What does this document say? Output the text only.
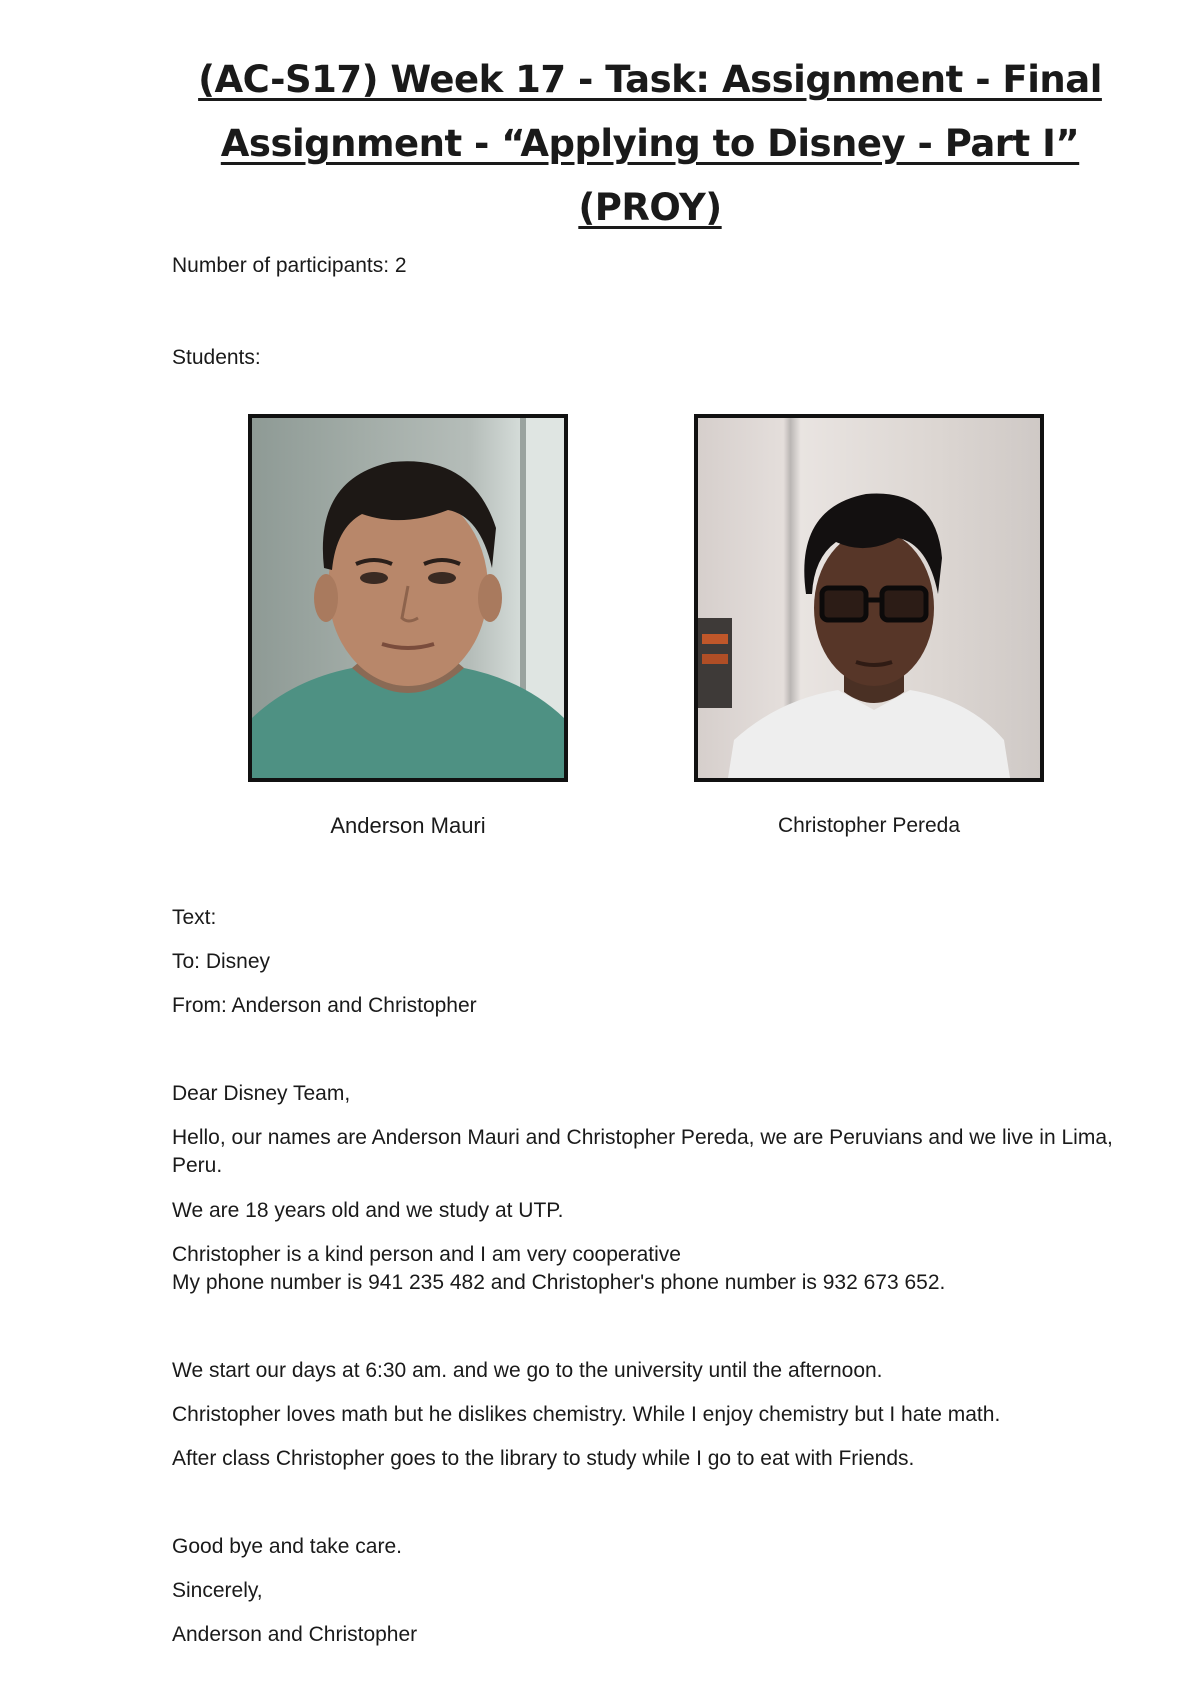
(AC-S17) Week 17 - Task: Assignment - Final
Assignment - “Applying to Disney - Part I”
(PROY)
Number of participants: 2
Students:
Anderson Mauri	Christopher Pereda
Text:
To: Disney
From: Anderson and Christopher
Dear Disney Team,
Hello, our names are Anderson Mauri and Christopher Pereda, we are Peruvians and we live in Lima, Peru.
We are 18 years old and we study at UTP.
Christopher is a kind person and I am very cooperative
My phone number is 941 235 482 and Christopher's phone number is 932 673 652.
We start our days at 6:30 am. and we go to the university until the afternoon.
Christopher loves math but he dislikes chemistry. While I enjoy chemistry but I hate math.
After class Christopher goes to the library to study while I go to eat with Friends.
Good bye and take care.
Sincerely,
Anderson and Christopher
